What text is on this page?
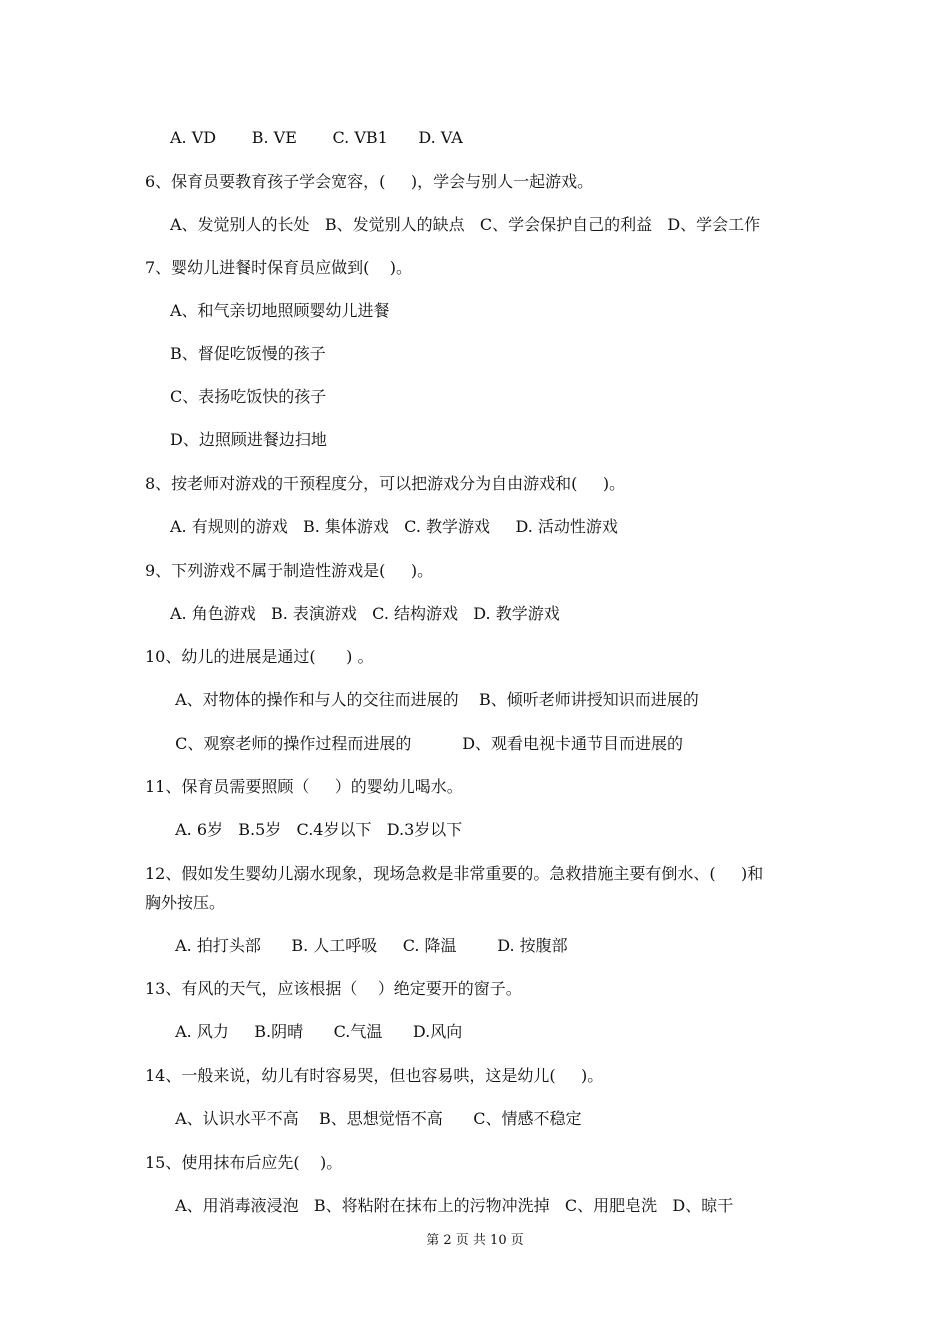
A. VD       B. VE       C. VB1      D. VA
6、保育员要教育孩子学会宽容，(     )，学会与别人一起游戏。
A、发觉别人的长处   B、发觉别人的缺点   C、学会保护自己的利益   D、学会工作
7、婴幼儿进餐时保育员应做到(    )。
A、和气亲切地照顾婴幼儿进餐
B、督促吃饭慢的孩子
C、表扬吃饭快的孩子
D、边照顾进餐边扫地
8、按老师对游戏的干预程度分，可以把游戏分为自由游戏和(     )。
A. 有规则的游戏   B. 集体游戏   C. 教学游戏     D. 活动性游戏
9、下列游戏不属于制造性游戏是(     )。
A. 角色游戏   B. 表演游戏   C. 结构游戏   D. 教学游戏
10、幼儿的进展是通过(      ) 。
A、对物体的操作和与人的交往而进展的    B、倾听老师讲授知识而进展的
C、观察老师的操作过程而进展的          D、观看电视卡通节目而进展的
11、保育员需要照顾（     ）的婴幼儿喝水。
A. 6岁   B.5岁   C.4岁以下   D.3岁以下
12、假如发生婴幼儿溺水现象，现场急救是非常重要的。急救措施主要有倒水、(     )和
胸外按压。
A. 拍打头部      B. 人工呼吸     C. 降温        D. 按腹部
13、有风的天气，应该根据（    ）绝定要开的窗子。
A. 风力     B.阴晴      C.气温      D.风向
14、一般来说，幼儿有时容易哭，但也容易哄，这是幼儿(     )。
A、认识水平不高    B、思想觉悟不高      C、情感不稳定
15、使用抹布后应先(    )。
A、用消毒液浸泡   B、将粘附在抹布上的污物冲洗掉   C、用肥皂洗   D、晾干
第 2 页 共 10 页
